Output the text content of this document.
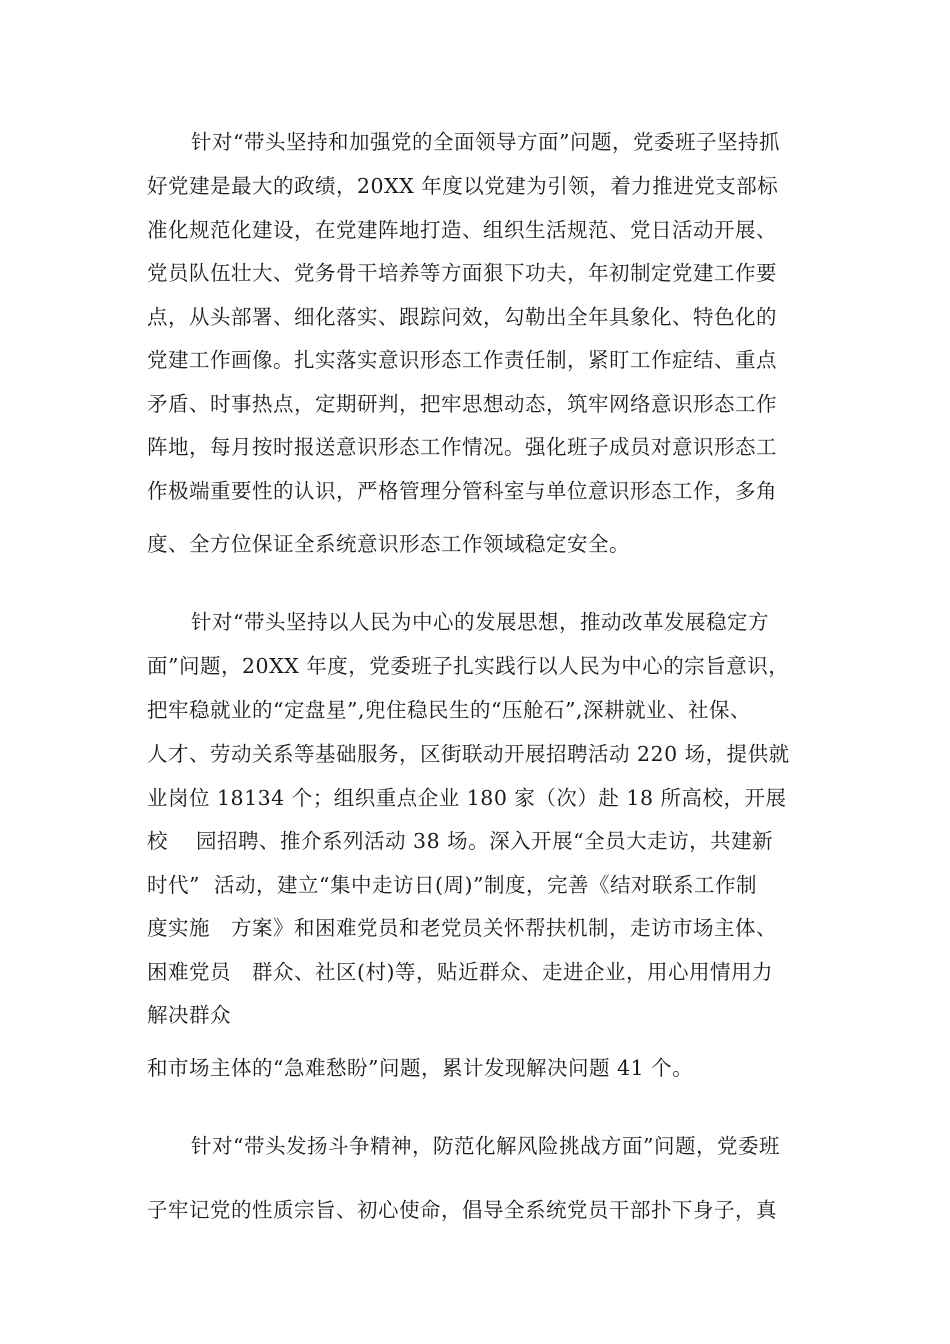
针对“带头坚持和加强党的全面领导方面”问题，党委班子坚持抓
好党建是最大的政绩，20XX 年度以党建为引领，着力推进党支部标
准化规范化建设，在党建阵地打造、组织生活规范、党日活动开展、
党员队伍壮大、党务骨干培养等方面狠下功夫，年初制定党建工作要
点，从头部署、细化落实、跟踪问效，勾勒出全年具象化、特色化的
党建工作画像。扎实落实意识形态工作责任制，紧盯工作症结、重点
矛盾、时事热点，定期研判，把牢思想动态，筑牢网络意识形态工作
阵地，每月按时报送意识形态工作情况。强化班子成员对意识形态工
作极端重要性的认识，严格管理分管科室与单位意识形态工作，多角
度、全方位保证全系统意识形态工作领域稳定安全。
针对“带头坚持以人民为中心的发展思想，推动改革发展稳定方
面”问题，20XX 年度，党委班子扎实践行以人民为中心的宗旨意识，
把牢稳就业的“定盘星”,兜住稳民生的“压舱石”,深耕就业、社保、
人才、劳动关系等基础服务，区街联动开展招聘活动 220 场，提供就
业岗位 18134 个；组织重点企业 180 家（次）赴 18 所高校，开展
校　 园招聘、推介系列活动 38 场。深入开展“全员大走访，共建新
时代”  活动，建立“集中走访日(周)”制度，完善《结对联系工作制
度实施　方案》和困难党员和老党员关怀帮扶机制，走访市场主体、
困难党员　群众、社区(村)等，贴近群众、走进企业，用心用情用力
解决群众
和市场主体的“急难愁盼”问题，累计发现解决问题 41 个。
针对“带头发扬斗争精神，防范化解风险挑战方面”问题，党委班
子牢记党的性质宗旨、初心使命，倡导全系统党员干部扑下身子，真
